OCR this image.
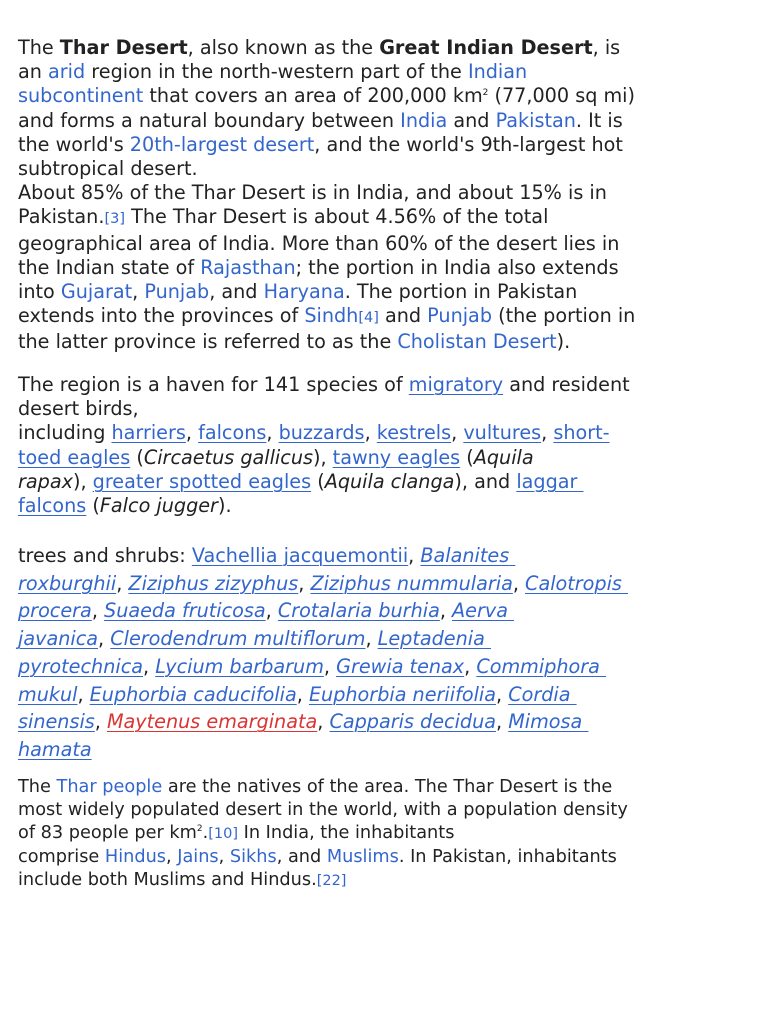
The Thar Desert, also known as the Great Indian Desert, is
an arid region in the north-western part of the Indian
subcontinent that covers an area of 200,000 $km^2$ (77,000 sq mi)
and forms a natural boundary between India and Pakistan. It is
the world's 20th-largest desert, and the world's 9th-largest hot
subtropical desert.
About 85% of the Thar Desert is in India, and about 15% is in
Pakistan.[3] The Thar Desert is about 4.56% of the total
geographical area of India. More than 60% of the desert lies in
the Indian state of Rajasthan; the portion in India also extends
into Gujarat, Punjab, and Haryana. The portion in Pakistan
extends into the provinces of Sindh[4] and Punjab (the portion in
the latter province is referred to as the Cholistan Desert).
The region is a haven for 141 species of migratory and resident
desert birds,
including harriers, falcons, buzzards, kestrels, vultures, short-
toed eagles (Circaetus gallicus), tawny eagles (Aquila
rapax), greater spotted eagles (Aquila clanga), and laggar
falcons (Falco jugger).
trees and shrubs: Vachellia jacquemontii, Balanites
roxburghii, Ziziphus zizyphus, Ziziphus nummularia, Calotropis
procera, Suaeda fruticosa, Crotalaria burhia, Aerva
javanica, Clerodendrum multiflorum, Leptadenia
pyrotechnica, Lycium barbarum, Grewia tenax, Commiphora
mukul, Euphorbia caducifolia, Euphorbia neriifolia, Cordia
sinensis, Maytenus emarginata, Capparis decidua, Mimosa
hamata
The Thar people are the natives of the area. The Thar Desert is the
most widely populated desert in the world, with a population density
of 83 people per $km^2.[10]$ In India, the inhabitants
comprise Hindus, Jains, Sikhs, and Muslims. In Pakistan, inhabitants
include both Muslims and Hindus.[22]
